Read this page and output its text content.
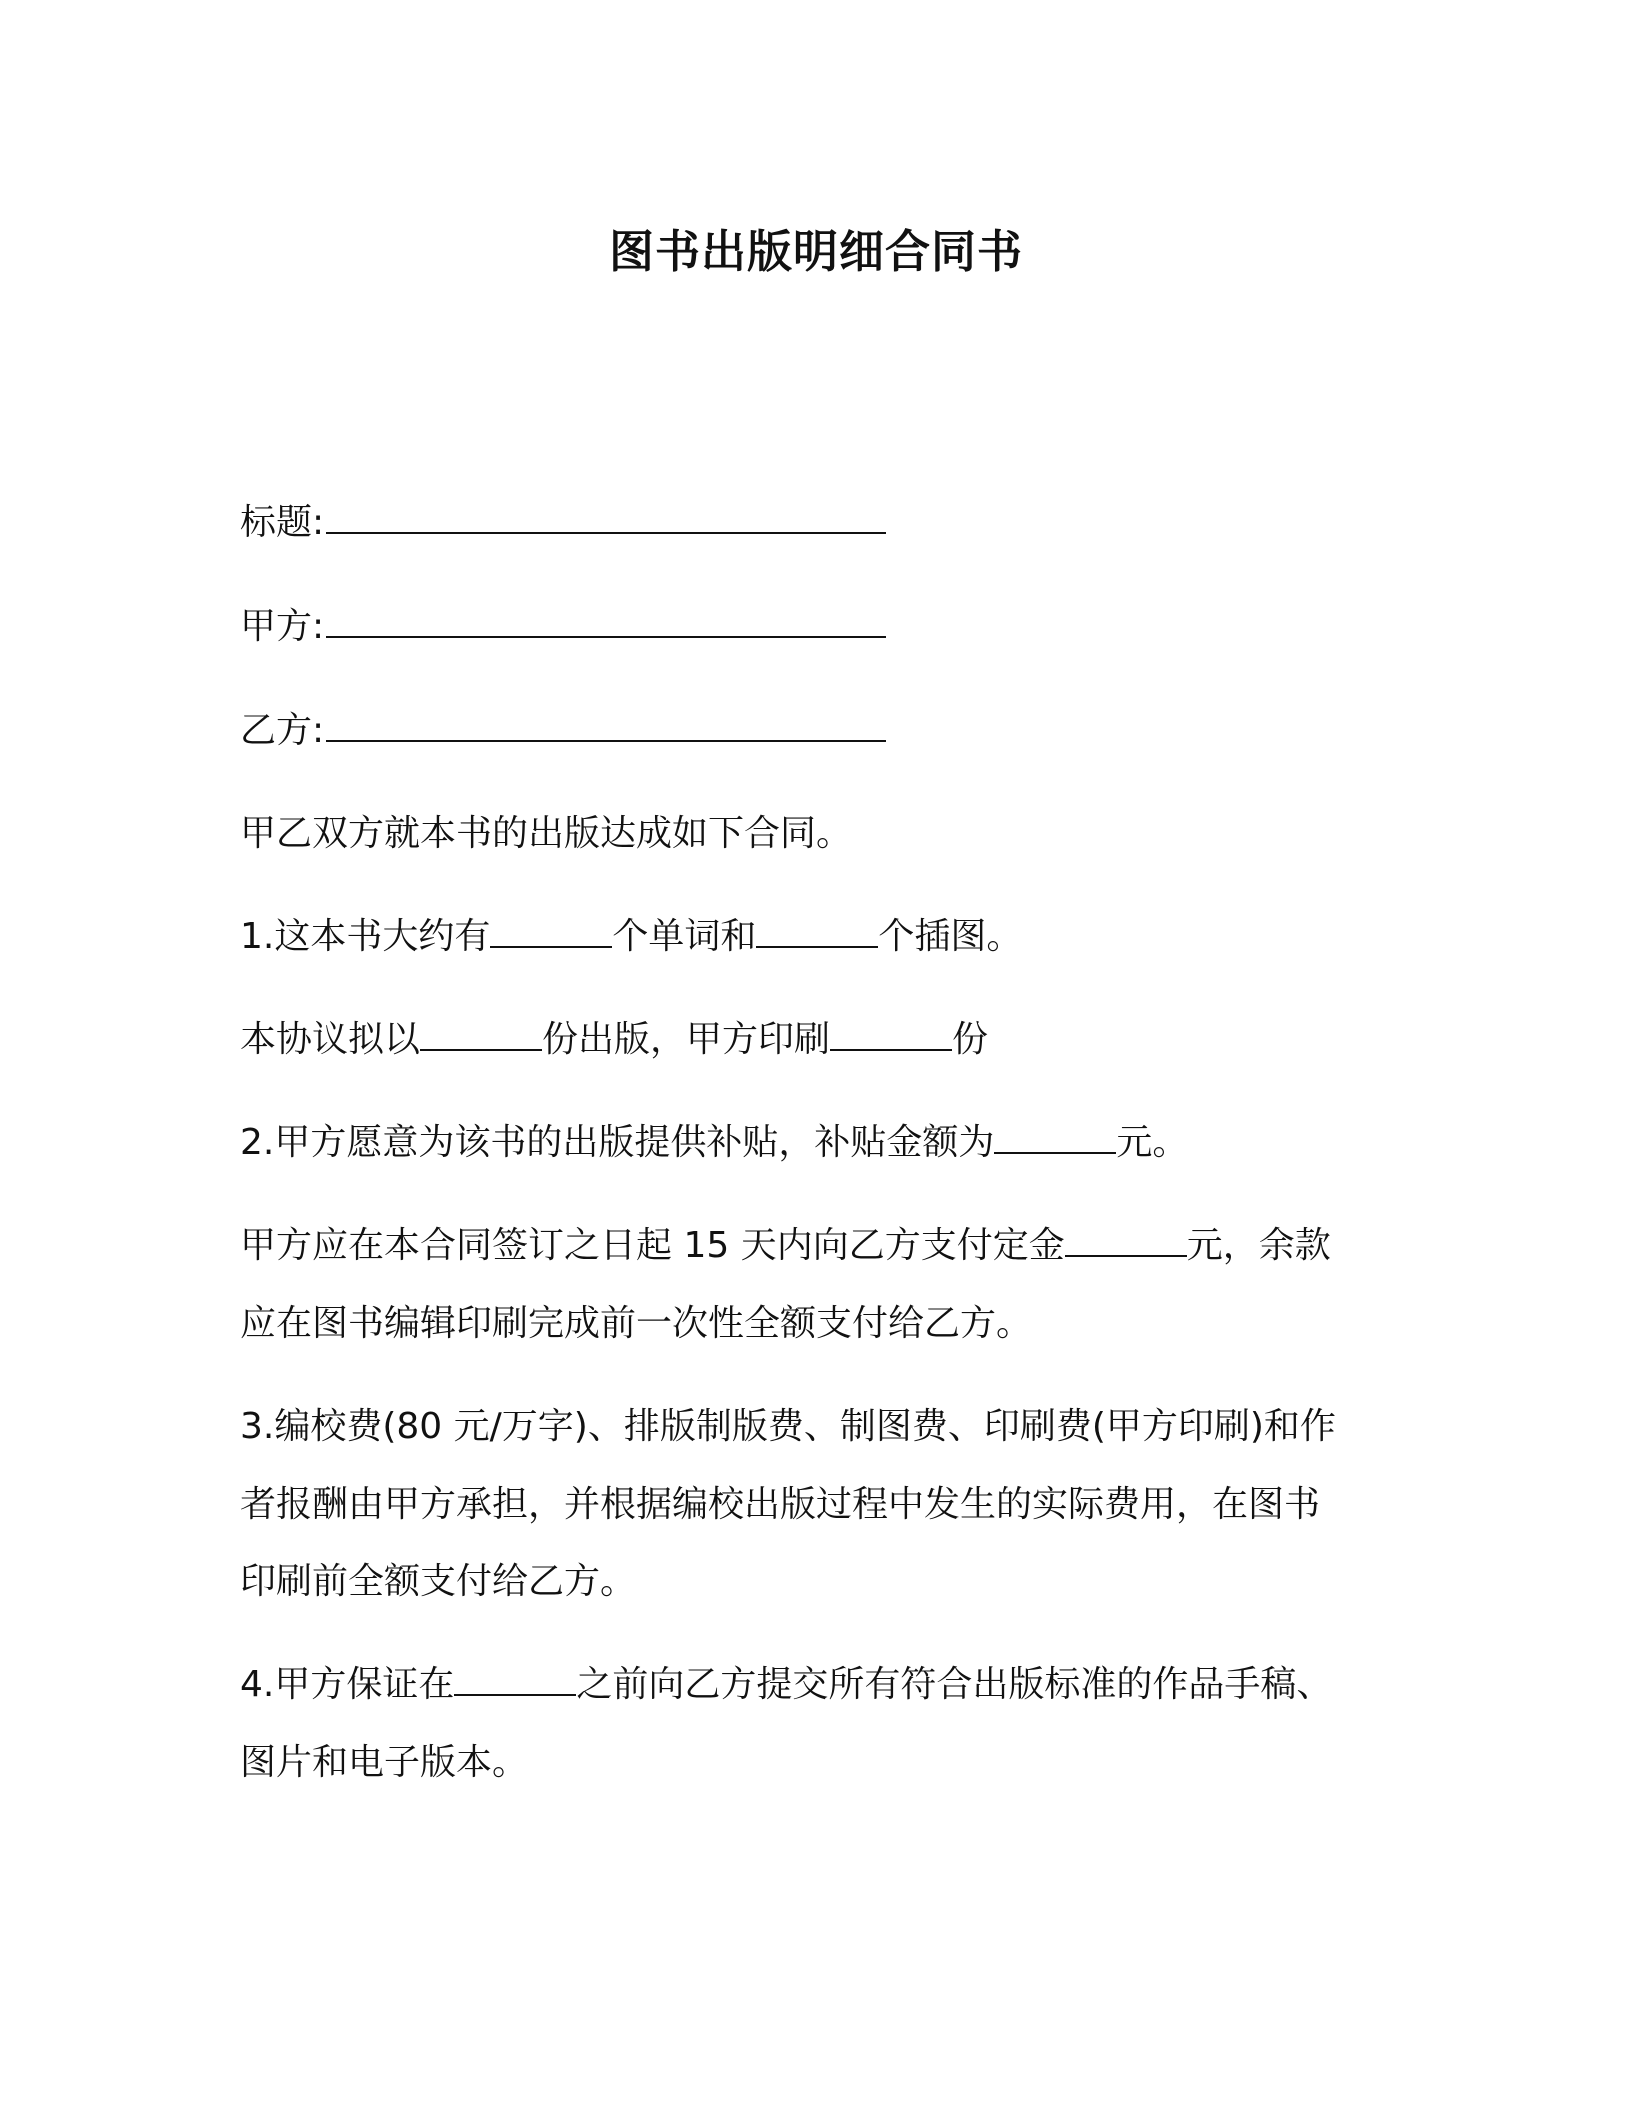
图书出版明细合同书
标题:
甲方:
乙方:
甲乙双方就本书的出版达成如下合同。
1.这本书大约有	个单词和	个插图。
本协议拟以	份出版，甲方印刷	份
2.甲方愿意为该书的出版提供补贴，补贴金额为	元。
甲方应在本合同签订之日起 15 天内向乙方支付定金	元，余款
应在图书编辑印刷完成前一次性全额支付给乙方。
3.编校费(80 元/万字)、排版制版费、制图费、印刷费(甲方印刷)和作
者报酬由甲方承担，并根据编校出版过程中发生的实际费用，在图书
印刷前全额支付给乙方。
4.甲方保证在	之前向乙方提交所有符合出版标准的作品手稿、
图片和电子版本。
